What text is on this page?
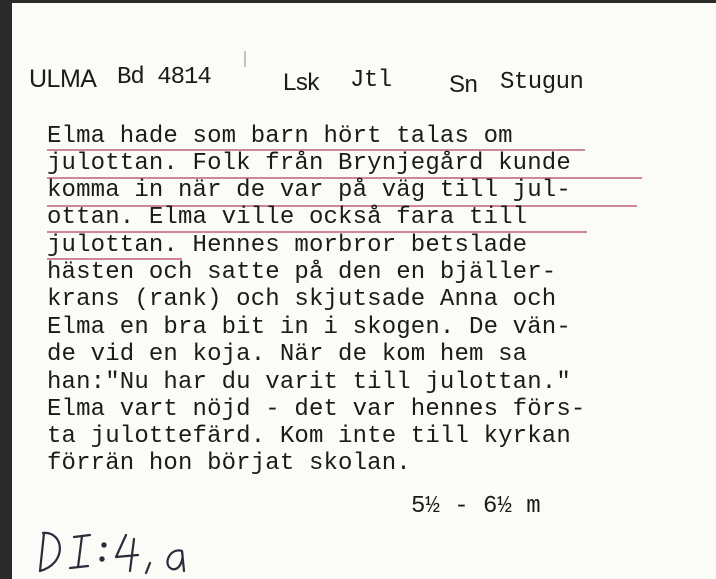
ULMA Bd 4814	Lsk Jtl Sn Stugun
Elma hade som barn hört talas om
julottan. Folk från Brynjegård kunde
komma in när de var på väg till jul-
ottan. Elma ville också fara till
julottan. Hennes morbror betslade
hästen och satte på den en bjäller-
krans (rank) och skjutsade Anna och
Elma en bra bit in i skogen. De vän-
de vid en koja. När de kom hem sa
han:"Nu har du varit till julottan."
Elma vart nöjd - det var hennes förs-
ta julottefärd. Kom inte till kyrkan
förrän hon börjat skolan.
5½ - 6½ m
